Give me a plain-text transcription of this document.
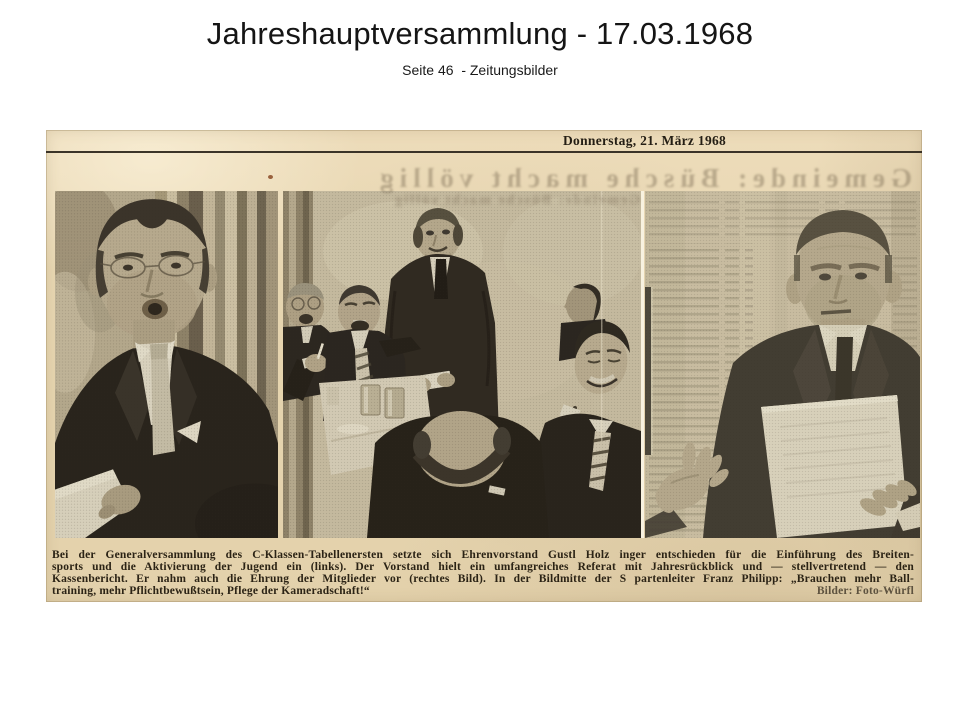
Jahreshauptversammlung - 17.03.1968
Seite 46  - Zeitungsbilder
Donnerstag, 21. März 1968
Gemeinde: Büsche macht völlig
Gemeinde: Büsche macht völlig
Bei der Generalversammlung des C-Klassen-Tabellenersten setzte sich Ehrenvorstand Gustl Holz inger entschieden für die Einführung des Breiten-
sports und die Aktivierung der Jugend ein (links). Der Vorstand hielt ein umfangreiches Referat mit Jahresrückblick und — stellvertretend — den
Kassenbericht. Er nahm auch die Ehrung der Mitglieder vor (rechtes Bild). In der Bildmitte der S partenleiter Franz Philipp: „Brauchen mehr Ball-
training, mehr Pflichtbewußtsein, Pflege der Kameradschaft!“	Bilder: Foto-Würfl
